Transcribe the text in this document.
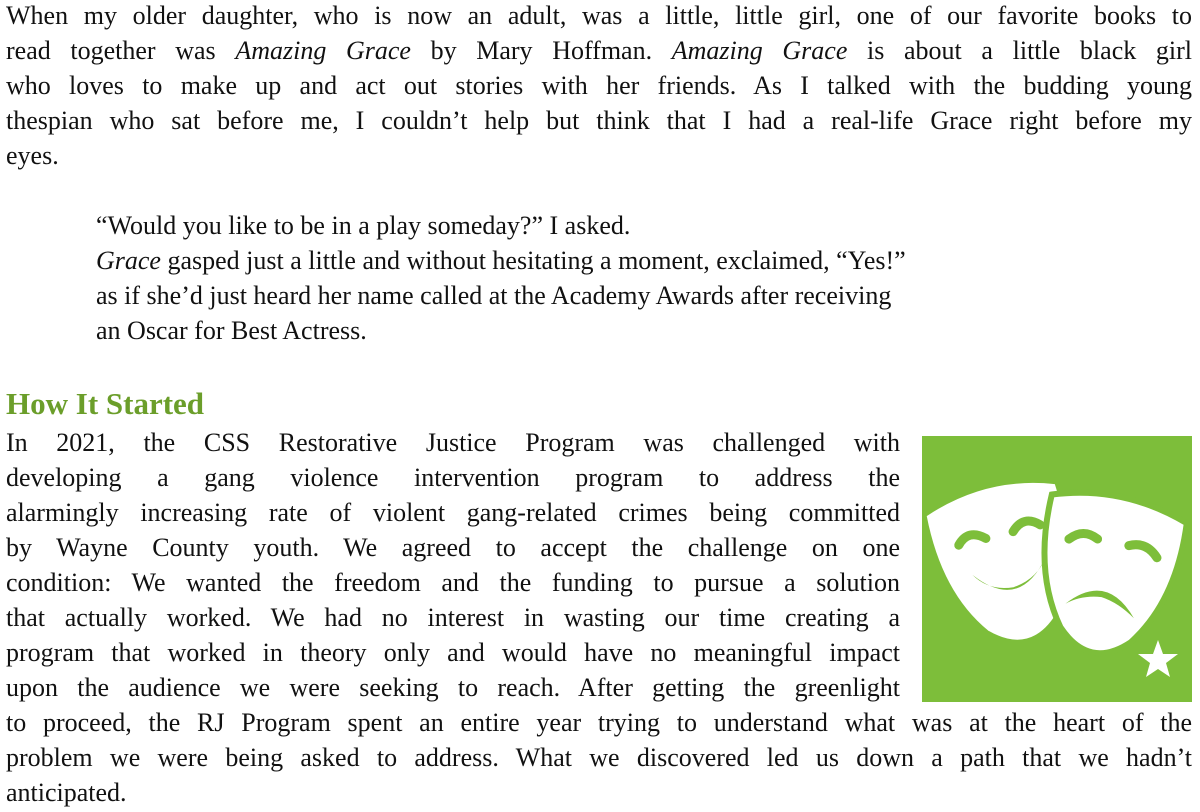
When my older daughter, who is now an adult, was a little, little girl, one of our favorite books to
read together was Amazing Grace by Mary Hoffman. Amazing Grace is about a little black girl
who loves to make up and act out stories with her friends. As I talked with the budding young
thespian who sat before me, I couldn’t help but think that I had a real-life Grace right before my
eyes.

“Would you like to be in a play someday?” I asked.
Grace gasped just a little and without hesitating a moment, exclaimed, “Yes!”
as if she’d just heard her name called at the Academy Awards after receiving
an Oscar for Best Actress.
How It Started

In 2021, the CSS Restorative Justice Program was challenged with
developing a gang violence intervention program to address the
alarmingly increasing rate of violent gang-related crimes being committed
by Wayne County youth. We agreed to accept the challenge on one
condition: We wanted the freedom and the funding to pursue a solution
that actually worked. We had no interest in wasting our time creating a
program that worked in theory only and would have no meaningful impact
upon the audience we were seeking to reach. After getting the greenlight

to proceed, the RJ Program spent an entire year trying to understand what was at the heart of the
problem we were being asked to address. What we discovered led us down a path that we hadn’t
anticipated.
